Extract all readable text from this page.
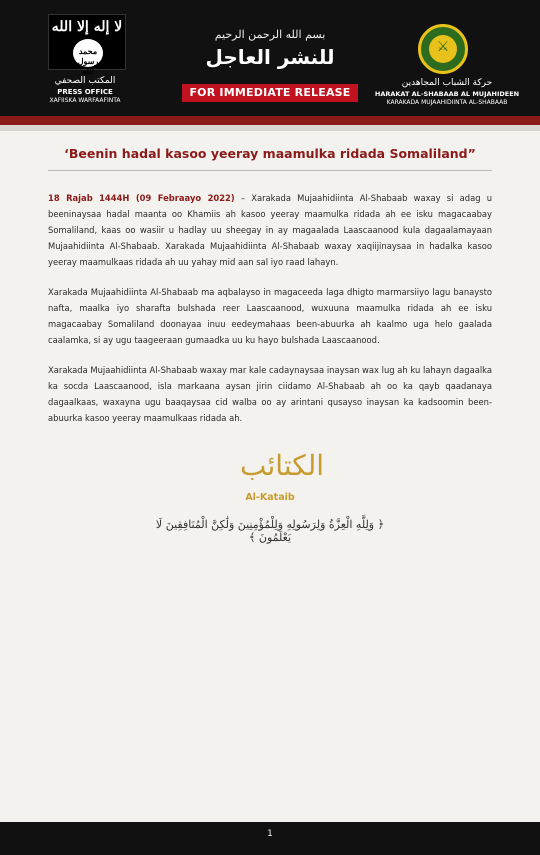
لا إله إلا الله
محمد رسول الله
المكتب الصحفي
PRESS OFFICE
XAFIISKA WARFAAFINTA
بسم الله الرحمن الرحيم
للنشر العاجل
FOR IMMEDIATE RELEASE
⚔
حركة الشباب المجاهدين
HARAKAT AL-SHABAAB AL MUJAHIDEEN
KARAKADA MUJAAHIDIINTA AL-SHABAAB
‘Beenin hadal kasoo yeeray maamulka ridada Somaliland”

18 Rajab 1444H (09 Febraayo 2022) – Xarakada Mujaahidiinta Al-Shabaab waxay si adag u beeninaysaa hadal maanta oo Khamiis ah kasoo yeeray maamulka ridada ah ee isku magacaabay Somaliland, kaas oo wasiir u hadlay uu sheegay in ay magaalada Laascaanood kula dagaalamayaan Mujaahidiinta Al-Shabaab. Xarakada Mujaahidiinta Al-Shabaab waxay xaqiijinaysaa in hadalka kasoo yeeray maamulkaas ridada ah uu yahay mid aan sal iyo raad lahayn.

Xarakada Mujaahidiinta Al-Shabaab ma aqbalayso in magaceeda laga dhigto marmarsiiyo lagu banaysto nafta, maalka iyo sharafta bulshada reer Laascaanood, wuxuuna maamulka ridada ah ee isku magacaabay Somaliland doonayaa inuu eedeymahaas been-abuurka ah kaalmo uga helo gaalada caalamka, si ay ugu taageeraan gumaadka uu ku hayo bulshada Laascaanood.

Xarakada Mujaahidiinta Al-Shabaab waxay mar kale cadaynaysaa inaysan wax lug ah ku lahayn dagaalka ka socda Laascaanood, isla markaana aysan jirin ciidamo Al-Shabaab ah oo ka qayb qaadanaya dagaalkaas, waxayna ugu baaqaysaa cid walba oo ay arintani qusayso inaysan ka kadsoomin been-abuurka kasoo yeeray maamulkaas ridada ah.

الكتائب
Al-Kataib
﴿ وَلِلَّهِ الْعِزَّةُ وَلِرَسُولِهِ وَلِلْمُؤْمِنِينَ وَلَٰكِنَّ الْمُنَافِقِينَ لَا يَعْلَمُونَ ﴾
1
